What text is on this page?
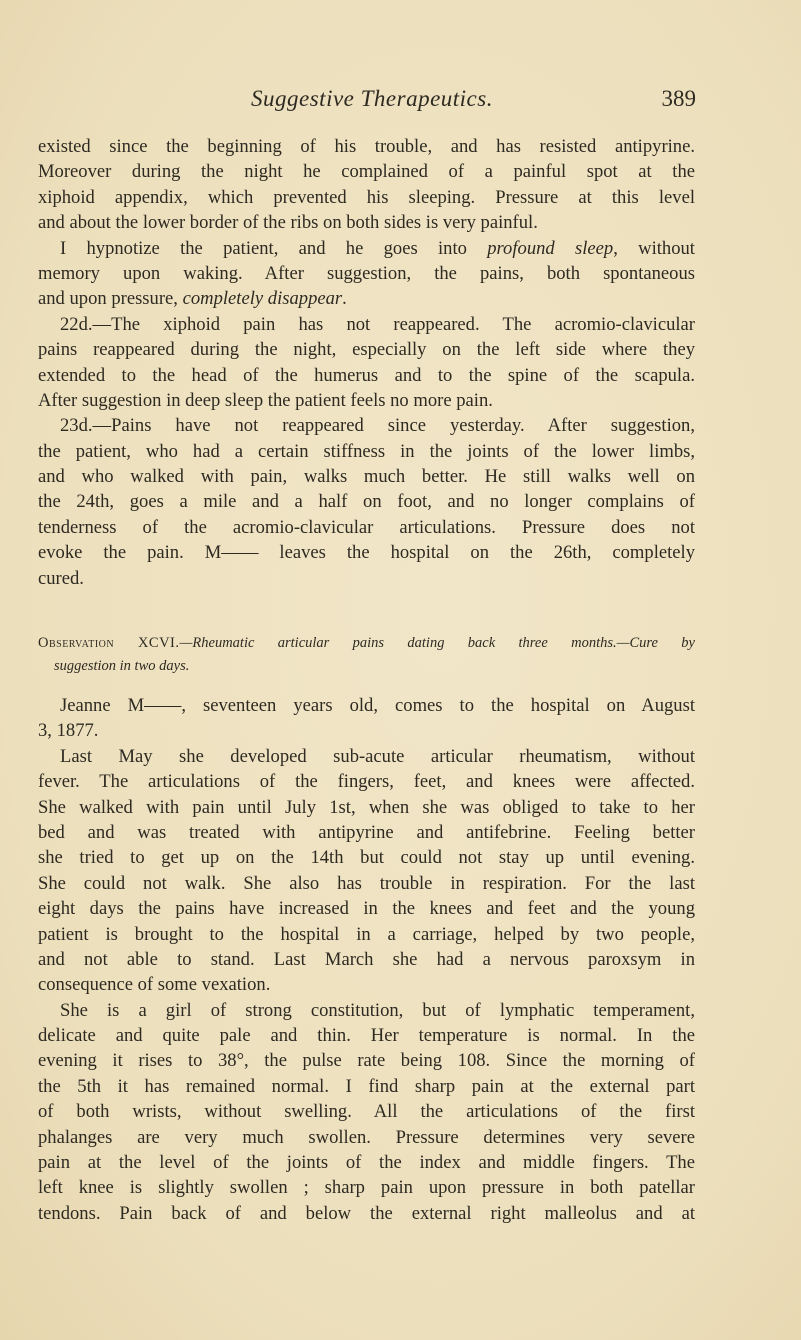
Suggestive Therapeutics.	389
existed since the beginning of his trouble, and has resisted antipyrine.
Moreover during the night he complained of a painful spot at the
xiphoid appendix, which prevented his sleeping. Pressure at this level
and about the lower border of the ribs on both sides is very painful.
I hypnotize the patient, and he goes into profound sleep, without
memory upon waking. After suggestion, the pains, both spontaneous
and upon pressure, completely disappear.
22d.—The xiphoid pain has not reappeared. The acromio-clavicular
pains reappeared during the night, especially on the left side where they
extended to the head of the humerus and to the spine of the scapula.
After suggestion in deep sleep the patient feels no more pain.
23d.—Pains have not reappeared since yesterday. After suggestion,
the patient, who had a certain stiffness in the joints of the lower limbs,
and who walked with pain, walks much better. He still walks well on
the 24th, goes a mile and a half on foot, and no longer complains of
tenderness of the acromio-clavicular articulations. Pressure does not
evoke the pain. M—— leaves the hospital on the 26th, completely
cured.
Observation XCVI.—Rheumatic articular pains dating back three months.—Cure by
suggestion in two days.
Jeanne M——, seventeen years old, comes to the hospital on August
3, 1877.
Last May she developed sub-acute articular rheumatism, without
fever. The articulations of the fingers, feet, and knees were affected.
She walked with pain until July 1st, when she was obliged to take to her
bed and was treated with antipyrine and antifebrine. Feeling better
she tried to get up on the 14th but could not stay up until evening.
She could not walk. She also has trouble in respiration. For the last
eight days the pains have increased in the knees and feet and the young
patient is brought to the hospital in a carriage, helped by two people,
and not able to stand. Last March she had a nervous paroxsym in
consequence of some vexation.
She is a girl of strong constitution, but of lymphatic temperament,
delicate and quite pale and thin. Her temperature is normal. In the
evening it rises to 38°, the pulse rate being 108. Since the morning of
the 5th it has remained normal. I find sharp pain at the external part
of both wrists, without swelling. All the articulations of the first
phalanges are very much swollen. Pressure determines very severe
pain at the level of the joints of the index and middle fingers. The
left knee is slightly swollen ; sharp pain upon pressure in both patellar
tendons. Pain back of and below the external right malleolus and at
